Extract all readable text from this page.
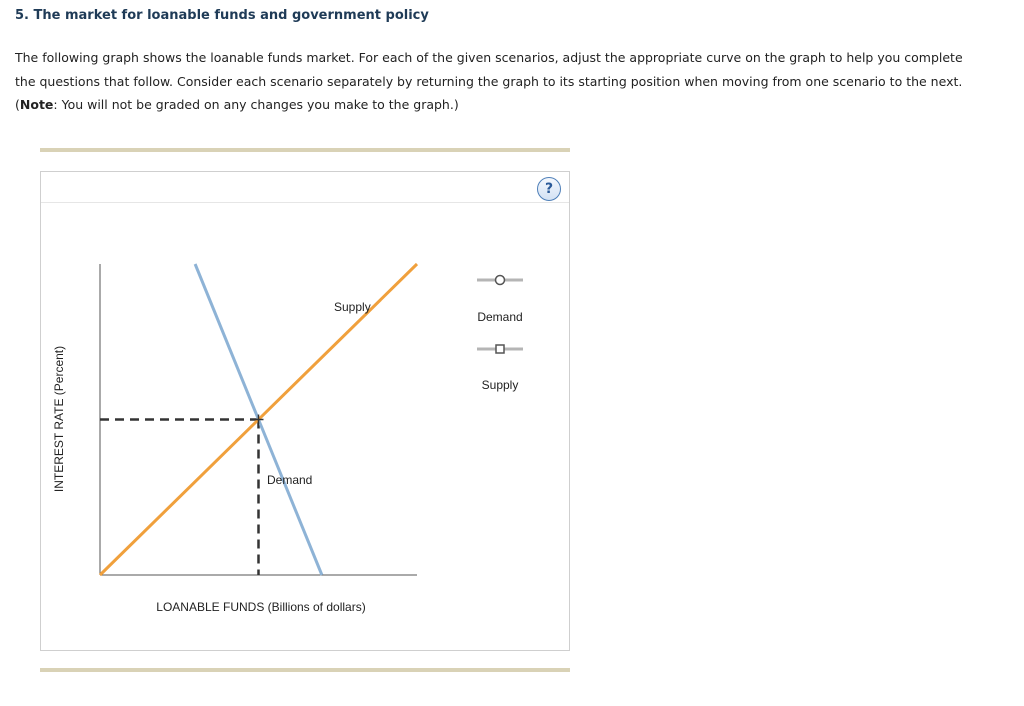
5. The market for loanable funds and government policy
The following graph shows the loanable funds market. For each of the given scenarios, adjust the appropriate curve on the graph to help you complete
the questions that follow. Consider each scenario separately by returning the graph to its starting position when moving from one scenario to the next.
(Note: You will not be graded on any changes you make to the graph.)
?
Supply
Demand
INTEREST RATE (Percent)
LOANABLE FUNDS (Billions of dollars)
Demand
Supply
